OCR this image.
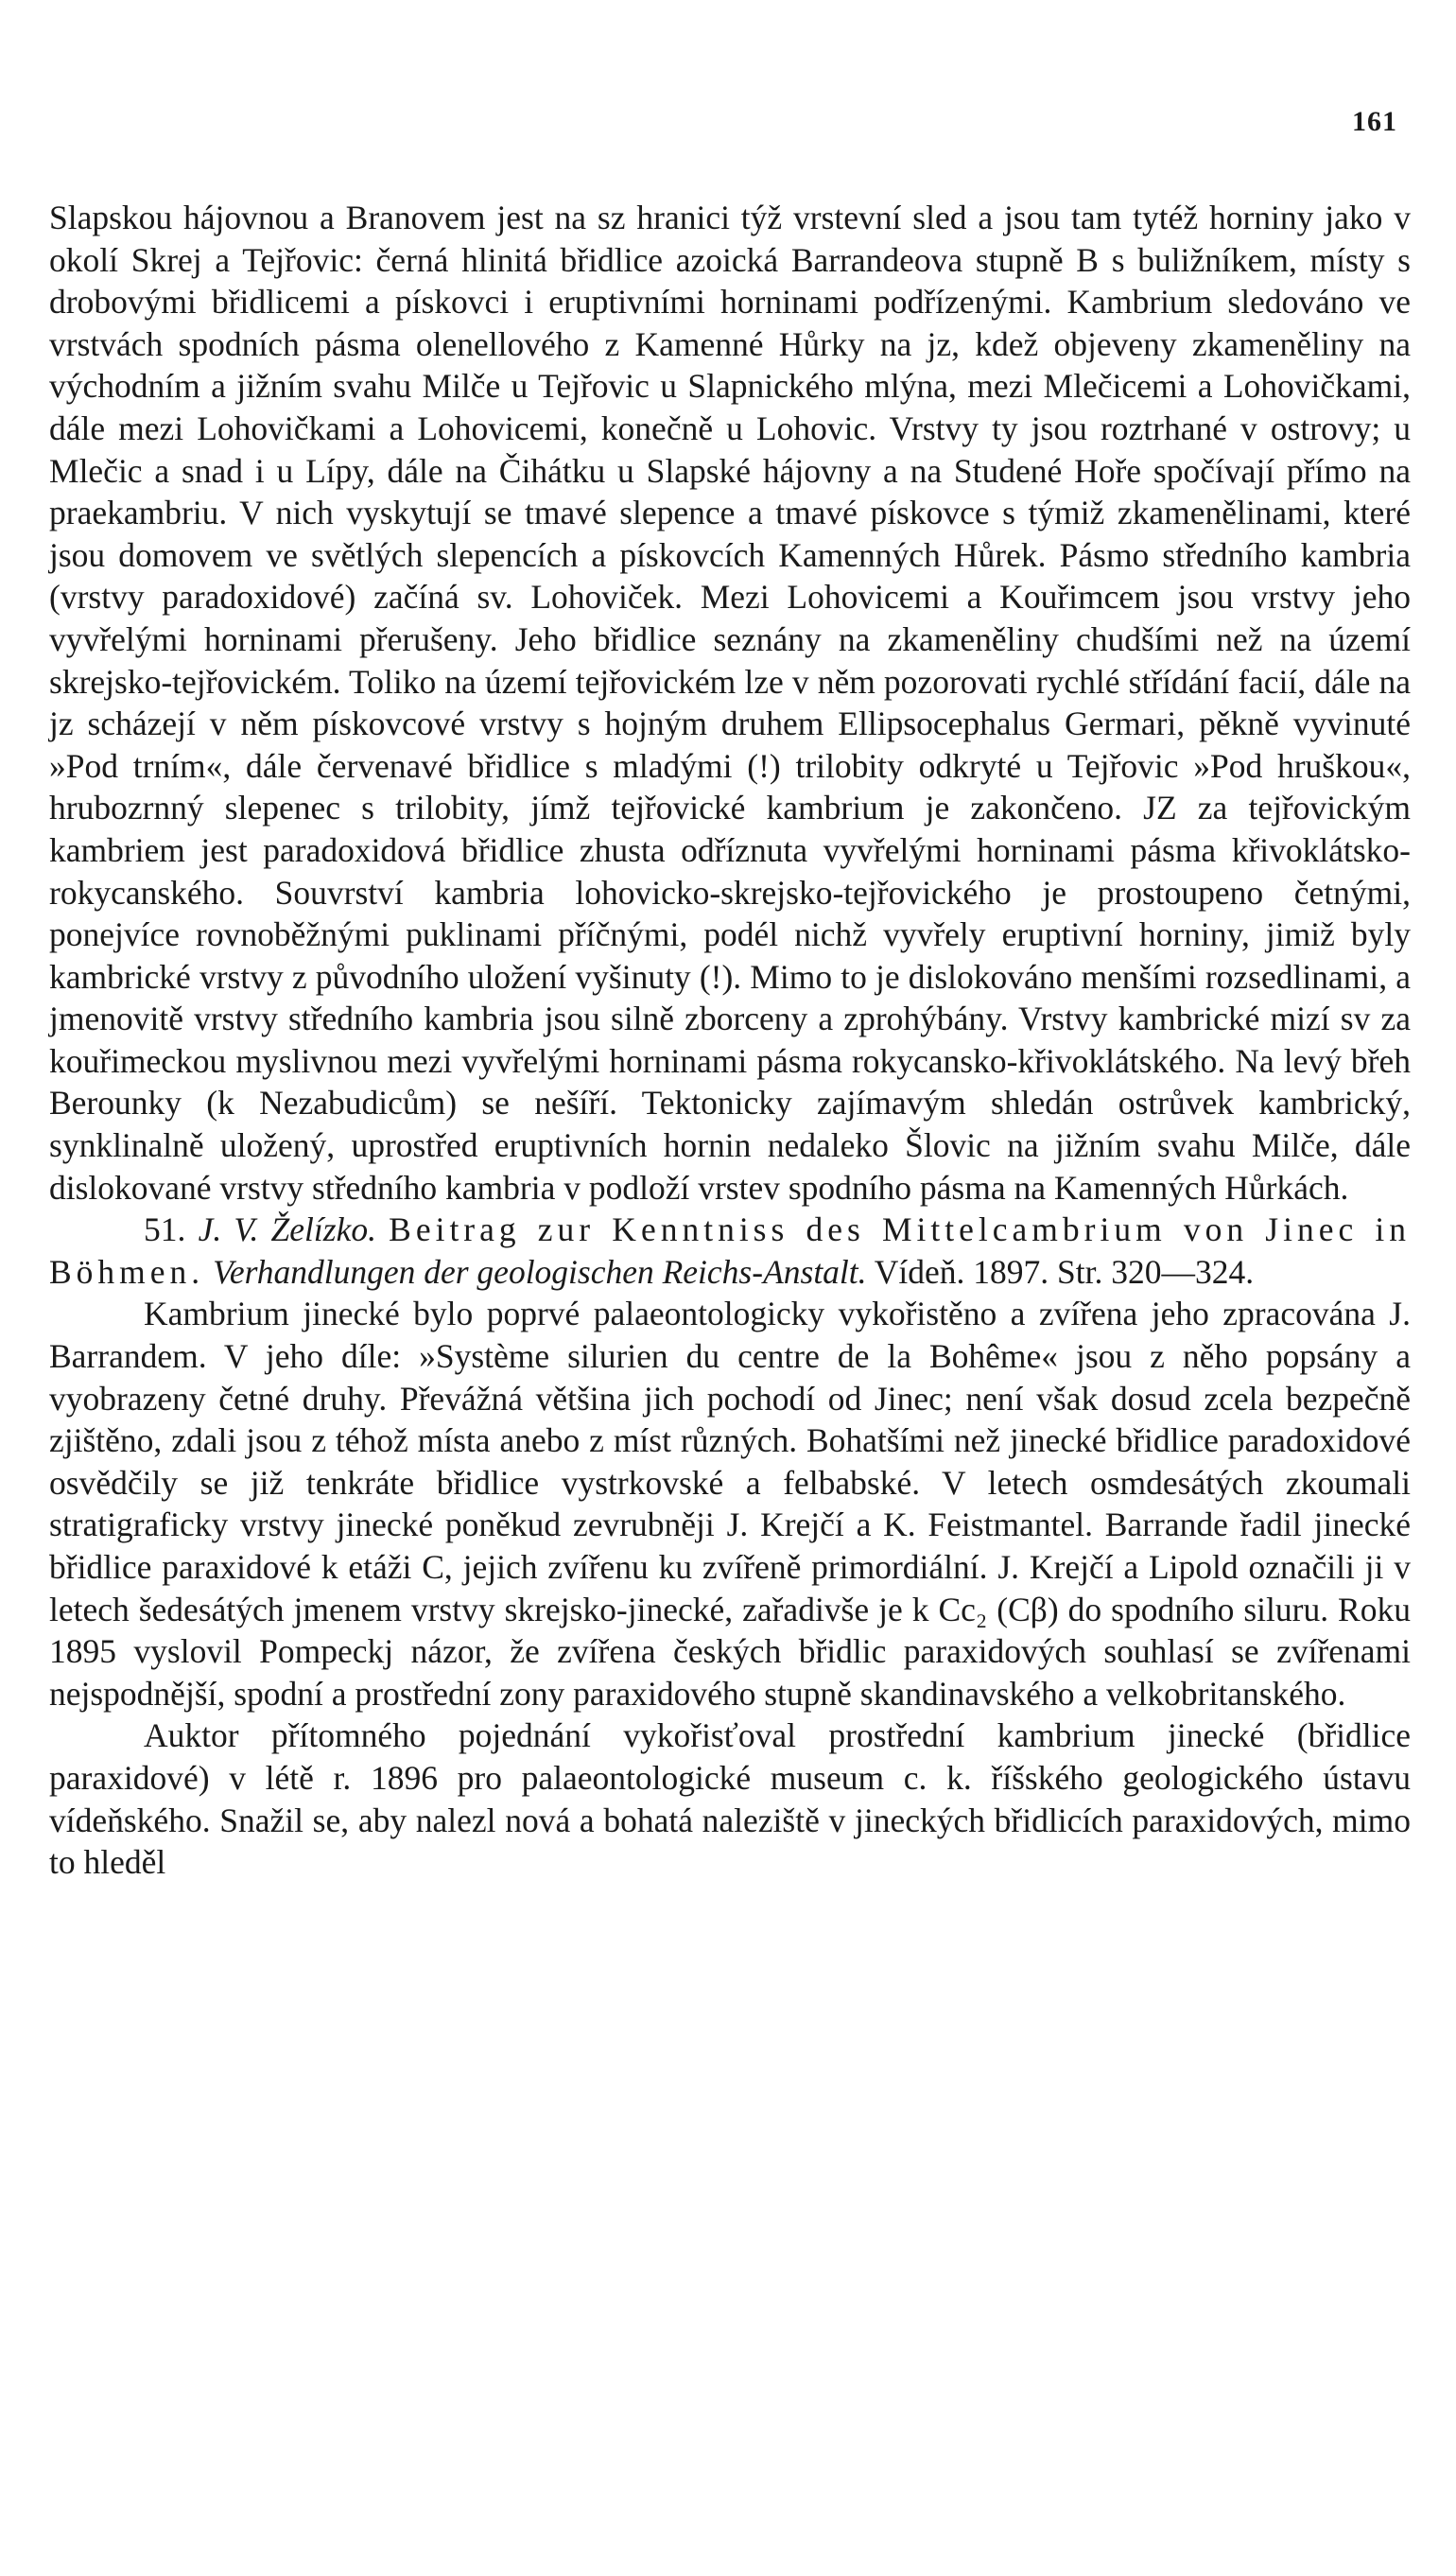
161

Slapskou hájovnou a Branovem jest na sz hranici týž vrstevní sled a jsou tam tytéž horniny jako v okolí Skrej a Tejřovic: černá hlinitá břidlice azoická Barrandeova stupně B s buližníkem, místy s drobovými břidlicemi a pískovci i eruptivními horninami podřízenými. Kambrium sledováno ve vrstvách spodních pásma olenellového z Kamenné Hůrky na jz, kdež objeveny zkameněliny na východním a jižním svahu Milče u Tejřovic u Slapnického mlýna, mezi Mlečicemi a Lohovičkami, dále mezi Lohovičkami a Lohovicemi, konečně u Lohovic. Vrstvy ty jsou roztrhané v ostrovy; u Mlečic a snad i u Lípy, dále na Čihátku u Slapské hájovny a na Studené Hoře spočívají přímo na praekambriu. V nich vyskytují se tmavé slepence a tmavé pískovce s týmiž zkamenělinami, které jsou domovem ve světlých slepencích a pískovcích Kamenných Hůrek. Pásmo středního kambria (vrstvy paradoxidové) začíná sv. Lohoviček. Mezi Lohovicemi a Kouřimcem jsou vrstvy jeho vyvřelými horninami přerušeny. Jeho břidlice seznány na zkameněliny chudšími než na území skrejsko-tejřovickém. Toliko na území tejřovickém lze v něm pozorovati rychlé střídání facií, dále na jz scházejí v něm pískovcové vrstvy s hojným druhem Ellipsocephalus Germari, pěkně vyvinuté »Pod trním«, dále červenavé břidlice s mladými (!) trilobity odkryté u Tejřovic »Pod hruškou«, hrubozrnný slepenec s trilobity, jímž tejřovické kambrium je zakončeno. JZ za tejřovickým kambriem jest paradoxidová břidlice zhusta odříznuta vyvřelými horninami pásma křivoklátsko-rokycanského. Souvrství kambria lohovicko-skrejsko-tejřovického je prostoupeno četnými, ponejvíce rovnoběžnými puklinami příčnými, podél nichž vyvřely eruptivní horniny, jimiž byly kambrické vrstvy z původního uložení vyšinuty (!). Mimo to je dislokováno menšími rozsedlinami, a jmenovitě vrstvy středního kambria jsou silně zborceny a zprohýbány. Vrstvy kambrické mizí sv za kouřimeckou myslivnou mezi vyvřelými horninami pásma rokycansko-křivoklátského. Na levý břeh Berounky (k Nezabudicům) se nešíří. Tektonicky zajímavým shledán ostrůvek kambrický, synklinalně uložený, uprostřed eruptivních hornin nedaleko Šlovic na jižním svahu Milče, dále dislokované vrstvy středního kambria v podloží vrstev spodního pásma na Kamenných Hůrkách.

51. J. V. Želízko. Beitrag zur Kenntniss des Mittelcambrium von Jinec in Böhmen. Verhandlungen der geologischen Reichs-Anstalt. Vídeň. 1897. Str. 320—324.

Kambrium jinecké bylo poprvé palaeontologicky vykořistěno a zvířena jeho zpracována J. Barrandem. V jeho díle: »Système silurien du centre de la Bohême« jsou z něho popsány a vyobrazeny četné druhy. Převážná většina jich pochodí od Jinec; není však dosud zcela bezpečně zjištěno, zdali jsou z téhož místa anebo z míst různých. Bohatšími než jinecké břidlice paradoxidové osvědčily se již tenkráte břidlice vystrkovské a felbabské. V letech osmdesátých zkoumali stratigraficky vrstvy jinecké poněkud zevrubněji J. Krejčí a K. Feistmantel. Barrande řadil jinecké břidlice paraxidové k etáži C, jejich zvířenu ku zvířeně primordiální. J. Krejčí a Lipold označili ji v letech šedesátých jmenem vrstvy skrejsko-jinecké, zařadivše je k Cc₂ (Cβ) do spodního siluru. Roku 1895 vyslovil Pompeckj názor, že zvířena českých břidlic paraxidových souhlasí se zvířenami nejspodnější, spodní a prostřední zony paraxidového stupně skandinavského a velkobritanského.

Auktor přítomného pojednání vykořisťoval prostřední kambrium jinecké (břidlice paraxidové) v létě r. 1896 pro palaeontologické museum c. k. říšského geologického ústavu vídeňského. Snažil se, aby nalezl nová a bohatá naleziště v jineckých břidlicích paraxidových, mimo to hleděl
